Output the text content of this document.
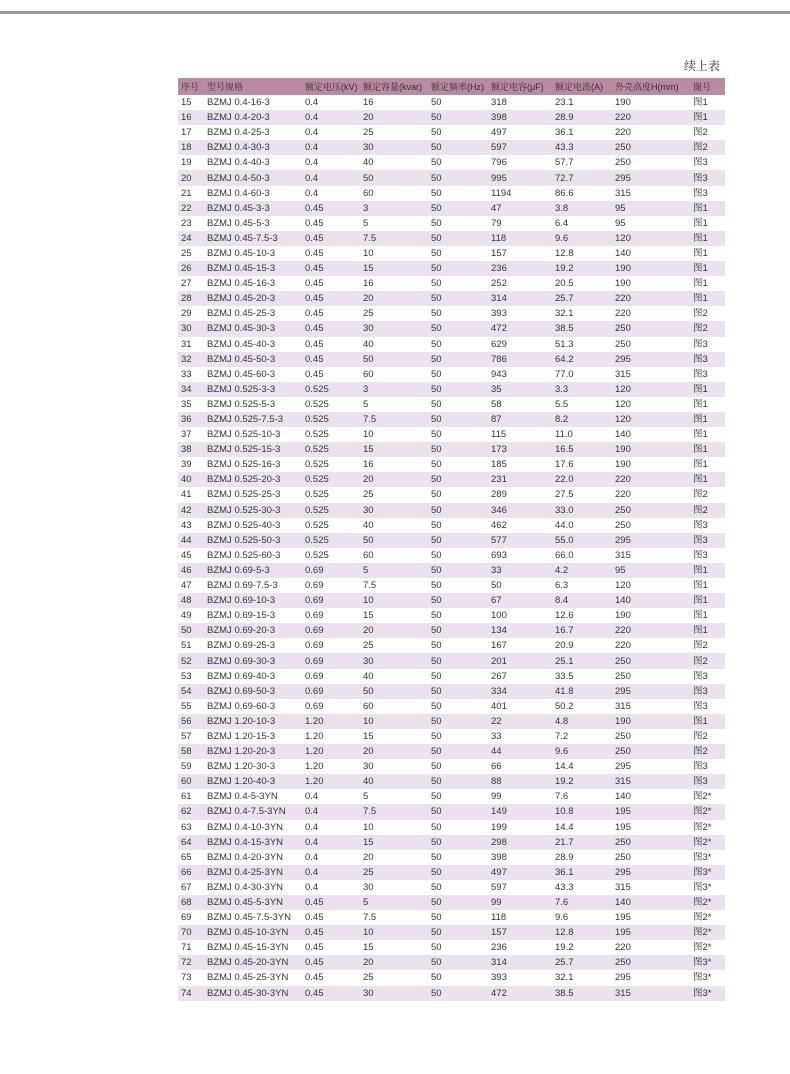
续上表
序号	型号规格	额定电压(kV)	额定容量(kvar)	额定频率(Hz)	额定电容(μF)	额定电流(A)	外壳高度H(mm)	图号
15	BZMJ 0.4-16-3	0.4	16	50	318	23.1	190	图1
16	BZMJ 0.4-20-3	0.4	20	50	398	28.9	220	图1
17	BZMJ 0.4-25-3	0.4	25	50	497	36.1	220	图2
18	BZMJ 0.4-30-3	0.4	30	50	597	43.3	250	图2
19	BZMJ 0.4-40-3	0.4	40	50	796	57.7	250	图3
20	BZMJ 0.4-50-3	0.4	50	50	995	72.7	295	图3
21	BZMJ 0.4-60-3	0.4	60	50	1194	86.6	315	图3
22	BZMJ 0.45-3-3	0.45	3	50	47	3.8	95	图1
23	BZMJ 0.45-5-3	0.45	5	50	79	6.4	95	图1
24	BZMJ 0.45-7.5-3	0.45	7.5	50	118	9.6	120	图1
25	BZMJ 0.45-10-3	0.45	10	50	157	12.8	140	图1
26	BZMJ 0.45-15-3	0.45	15	50	236	19.2	190	图1
27	BZMJ 0.45-16-3	0.45	16	50	252	20.5	190	图1
28	BZMJ 0.45-20-3	0.45	20	50	314	25.7	220	图1
29	BZMJ 0.45-25-3	0.45	25	50	393	32.1	220	图2
30	BZMJ 0.45-30-3	0.45	30	50	472	38.5	250	图2
31	BZMJ 0.45-40-3	0.45	40	50	629	51.3	250	图3
32	BZMJ 0.45-50-3	0.45	50	50	786	64.2	295	图3
33	BZMJ 0.45-60-3	0.45	60	50	943	77.0	315	图3
34	BZMJ 0.525-3-3	0.525	3	50	35	3.3	120	图1
35	BZMJ 0.525-5-3	0.525	5	50	58	5.5	120	图1
36	BZMJ 0.525-7.5-3	0.525	7.5	50	87	8.2	120	图1
37	BZMJ 0.525-10-3	0.525	10	50	115	11.0	140	图1
38	BZMJ 0.525-15-3	0.525	15	50	173	16.5	190	图1
39	BZMJ 0.525-16-3	0.525	16	50	185	17.6	190	图1
40	BZMJ 0.525-20-3	0.525	20	50	231	22.0	220	图1
41	BZMJ 0.525-25-3	0.525	25	50	289	27.5	220	图2
42	BZMJ 0.525-30-3	0.525	30	50	346	33.0	250	图2
43	BZMJ 0.525-40-3	0.525	40	50	462	44.0	250	图3
44	BZMJ 0.525-50-3	0.525	50	50	577	55.0	295	图3
45	BZMJ 0.525-60-3	0.525	60	50	693	66.0	315	图3
46	BZMJ 0.69-5-3	0.69	5	50	33	4.2	95	图1
47	BZMJ 0.69-7.5-3	0.69	7.5	50	50	6.3	120	图1
48	BZMJ 0.69-10-3	0.69	10	50	67	8.4	140	图1
49	BZMJ 0.69-15-3	0.69	15	50	100	12.6	190	图1
50	BZMJ 0.69-20-3	0.69	20	50	134	16.7	220	图1
51	BZMJ 0.69-25-3	0.69	25	50	167	20.9	220	图2
52	BZMJ 0.69-30-3	0.69	30	50	201	25.1	250	图2
53	BZMJ 0.69-40-3	0.69	40	50	267	33.5	250	图3
54	BZMJ 0.69-50-3	0.69	50	50	334	41.8	295	图3
55	BZMJ 0.69-60-3	0.69	60	50	401	50.2	315	图3
56	BZMJ 1.20-10-3	1.20	10	50	22	4.8	190	图1
57	BZMJ 1.20-15-3	1.20	15	50	33	7.2	250	图2
58	BZMJ 1.20-20-3	1.20	20	50	44	9.6	250	图2
59	BZMJ 1.20-30-3	1.20	30	50	66	14.4	295	图3
60	BZMJ 1.20-40-3	1.20	40	50	88	19.2	315	图3
61	BZMJ 0.4-5-3YN	0.4	5	50	99	7.6	140	图2*
62	BZMJ 0.4-7.5-3YN	0.4	7.5	50	149	10.8	195	图2*
63	BZMJ 0.4-10-3YN	0.4	10	50	199	14.4	195	图2*
64	BZMJ 0.4-15-3YN	0.4	15	50	298	21.7	250	图2*
65	BZMJ 0.4-20-3YN	0.4	20	50	398	28.9	250	图3*
66	BZMJ 0.4-25-3YN	0.4	25	50	497	36.1	295	图3*
67	BZMJ 0.4-30-3YN	0.4	30	50	597	43.3	315	图3*
68	BZMJ 0.45-5-3YN	0.45	5	50	99	7.6	140	图2*
69	BZMJ 0.45-7.5-3YN	0.45	7.5	50	118	9.6	195	图2*
70	BZMJ 0.45-10-3YN	0.45	10	50	157	12.8	195	图2*
71	BZMJ 0.45-15-3YN	0.45	15	50	236	19.2	220	图2*
72	BZMJ 0.45-20-3YN	0.45	20	50	314	25.7	250	图3*
73	BZMJ 0.45-25-3YN	0.45	25	50	393	32.1	295	图3*
74	BZMJ 0.45-30-3YN	0.45	30	50	472	38.5	315	图3*
